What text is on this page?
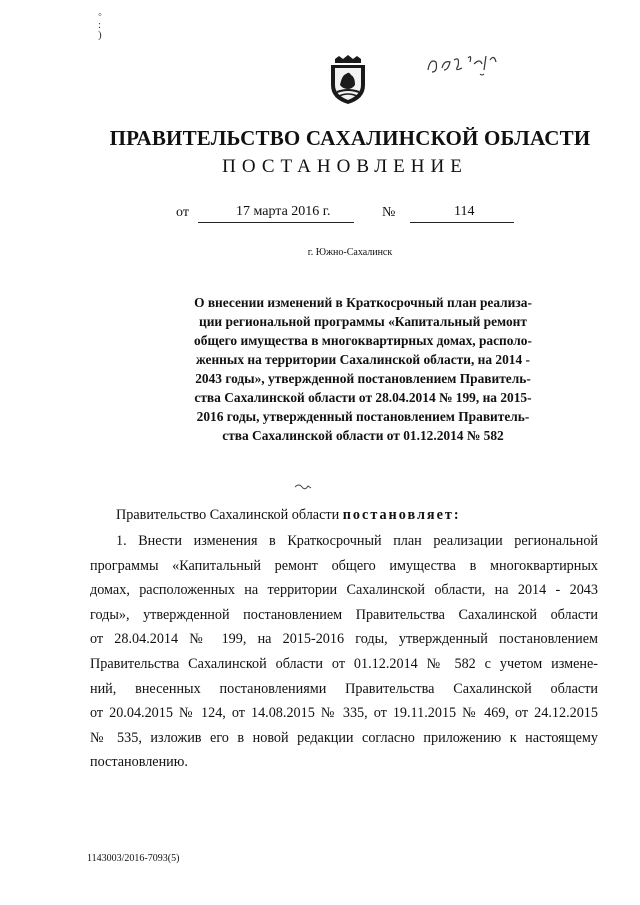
◦
:
)
ПРАВИТЕЛЬСТВО САХАЛИНСКОЙ ОБЛАСТИ
ПОСТАНОВЛЕНИЕ
от	17 марта 2016 г.	№	114
г. Южно-Сахалинск
О внесении изменений в Краткосрочный план реализа-
ции региональной программы «Капитальный ремонт
общего имущества в многоквартирных домах, располо-
женных на территории Сахалинской области, на 2014 -
2043 годы», утвержденной постановлением Правитель-
ства Сахалинской области от 28.04.2014 № 199, на 2015-
2016 годы, утвержденный постановлением Правитель-
ства Сахалинской области от 01.12.2014 № 582
Правительство Сахалинской области постановляет:
1. Внести изменения в Краткосрочный план реализации региональной
программы «Капитальный ремонт общего имущества в многоквартирных
домах, расположенных на территории Сахалинской области, на 2014 - 2043
годы», утвержденной постановлением Правительства Сахалинской области
от 28.04.2014 № 199, на 2015-2016 годы, утвержденный постановлением
Правительства Сахалинской области от 01.12.2014 № 582 с учетом измене-
ний, внесенных постановлениями Правительства Сахалинской области
от 20.04.2015 № 124, от 14.08.2015 № 335, от 19.11.2015 № 469, от 24.12.2015
№ 535, изложив его в новой редакции согласно приложению к настоящему
постановлению.
1143003/2016-7093(5)
